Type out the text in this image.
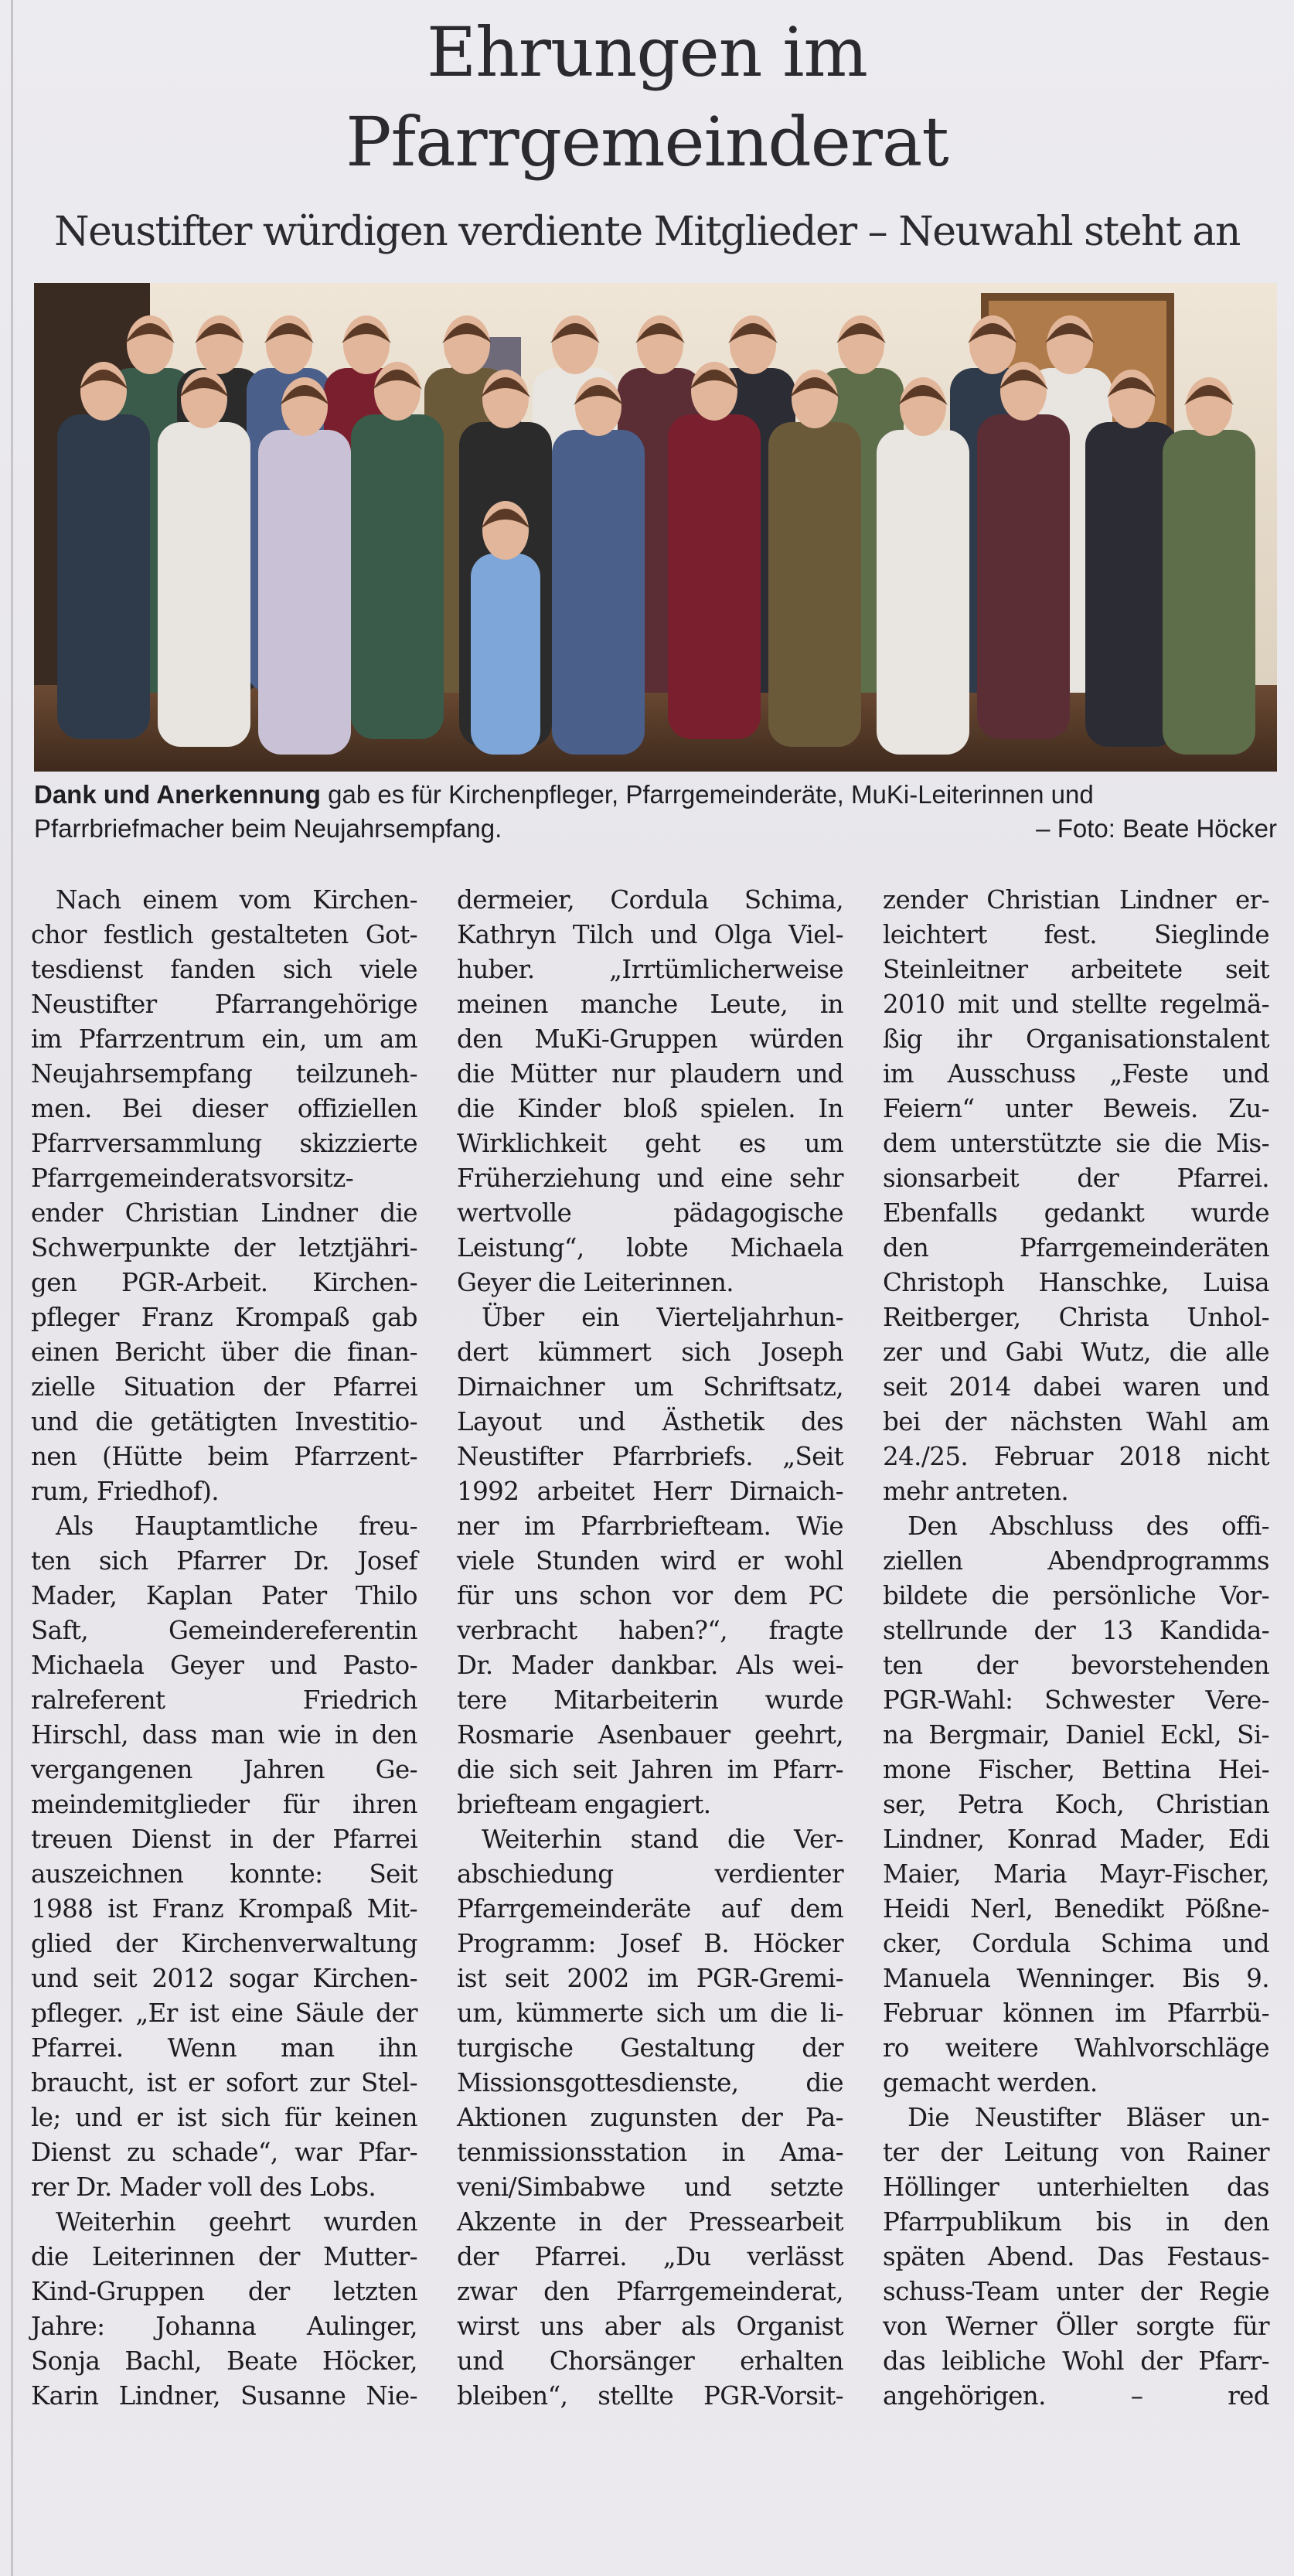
Ehrungen im
Pfarrgemeinderat
Neustifter würdigen verdiente Mitglieder – Neuwahl steht an
Dank und Anerkennung gab es für Kirchenpfleger, Pfarrgemeinderäte, MuKi-Leiterinnen und
Pfarrbriefmacher beim Neujahrsempfang.	– Foto: Beate Höcker
Nach einem vom Kirchen-
chor festlich gestalteten Got-
tesdienst fanden sich viele
Neustifter Pfarrangehörige
im Pfarrzentrum ein, um am
Neujahrsempfang teilzuneh-
men. Bei dieser offiziellen
Pfarrversammlung skizzierte
Pfarrgemeinderatsvorsitz-
ender Christian Lindner die
Schwerpunkte der letztjähri-
gen PGR-Arbeit. Kirchen-
pfleger Franz Krompaß gab
einen Bericht über die finan-
zielle Situation der Pfarrei
und die getätigten Investitio-
nen (Hütte beim Pfarrzent-
rum, Friedhof).
Als Hauptamtliche freu-
ten sich Pfarrer Dr. Josef
Mader, Kaplan Pater Thilo
Saft, Gemeindereferentin
Michaela Geyer und Pasto-
ralreferent Friedrich
Hirschl, dass man wie in den
vergangenen Jahren Ge-
meindemitglieder für ihren
treuen Dienst in der Pfarrei
auszeichnen konnte: Seit
1988 ist Franz Krompaß Mit-
glied der Kirchenverwaltung
und seit 2012 sogar Kirchen-
pfleger. „Er ist eine Säule der
Pfarrei. Wenn man ihn
braucht, ist er sofort zur Stel-
le; und er ist sich für keinen
Dienst zu schade“, war Pfar-
rer Dr. Mader voll des Lobs.
Weiterhin geehrt wurden
die Leiterinnen der Mutter-
Kind-Gruppen der letzten
Jahre: Johanna Aulinger,
Sonja Bachl, Beate Höcker,
Karin Lindner, Susanne Nie-
dermeier, Cordula Schima,
Kathryn Tilch und Olga Viel-
huber. „Irrtümlicherweise
meinen manche Leute, in
den MuKi-Gruppen würden
die Mütter nur plaudern und
die Kinder bloß spielen. In
Wirklichkeit geht es um
Früherziehung und eine sehr
wertvolle pädagogische
Leistung“, lobte Michaela
Geyer die Leiterinnen.
Über ein Vierteljahrhun-
dert kümmert sich Joseph
Dirnaichner um Schriftsatz,
Layout und Ästhetik des
Neustifter Pfarrbriefs. „Seit
1992 arbeitet Herr Dirnaich-
ner im Pfarrbriefteam. Wie
viele Stunden wird er wohl
für uns schon vor dem PC
verbracht haben?“, fragte
Dr. Mader dankbar. Als wei-
tere Mitarbeiterin wurde
Rosmarie Asenbauer geehrt,
die sich seit Jahren im Pfarr-
briefteam engagiert.
Weiterhin stand die Ver-
abschiedung verdienter
Pfarrgemeinderäte auf dem
Programm: Josef B. Höcker
ist seit 2002 im PGR-Gremi-
um, kümmerte sich um die li-
turgische Gestaltung der
Missionsgottesdienste, die
Aktionen zugunsten der Pa-
tenmissionsstation in Ama-
veni/Simbabwe und setzte
Akzente in der Pressearbeit
der Pfarrei. „Du verlässt
zwar den Pfarrgemeinderat,
wirst uns aber als Organist
und Chorsänger erhalten
bleiben“, stellte PGR-Vorsit-
zender Christian Lindner er-
leichtert fest. Sieglinde
Steinleitner arbeitete seit
2010 mit und stellte regelmä-
ßig ihr Organisationstalent
im Ausschuss „Feste und
Feiern“ unter Beweis. Zu-
dem unterstützte sie die Mis-
sionsarbeit der Pfarrei.
Ebenfalls gedankt wurde
den Pfarrgemeinderäten
Christoph Hanschke, Luisa
Reitberger, Christa Unhol-
zer und Gabi Wutz, die alle
seit 2014 dabei waren und
bei der nächsten Wahl am
24./25. Februar 2018 nicht
mehr antreten.
Den Abschluss des offi-
ziellen Abendprogramms
bildete die persönliche Vor-
stellrunde der 13 Kandida-
ten der bevorstehenden
PGR-Wahl: Schwester Vere-
na Bergmair, Daniel Eckl, Si-
mone Fischer, Bettina Hei-
ser, Petra Koch, Christian
Lindner, Konrad Mader, Edi
Maier, Maria Mayr-Fischer,
Heidi Nerl, Benedikt Pößne-
cker, Cordula Schima und
Manuela Wenninger. Bis 9.
Februar können im Pfarrbü-
ro weitere Wahlvorschläge
gemacht werden.
Die Neustifter Bläser un-
ter der Leitung von Rainer
Höllinger unterhielten das
Pfarrpublikum bis in den
späten Abend. Das Festaus-
schuss-Team unter der Regie
von Werner Öller sorgte für
das leibliche Wohl der Pfarr-
angehörigen. – red
